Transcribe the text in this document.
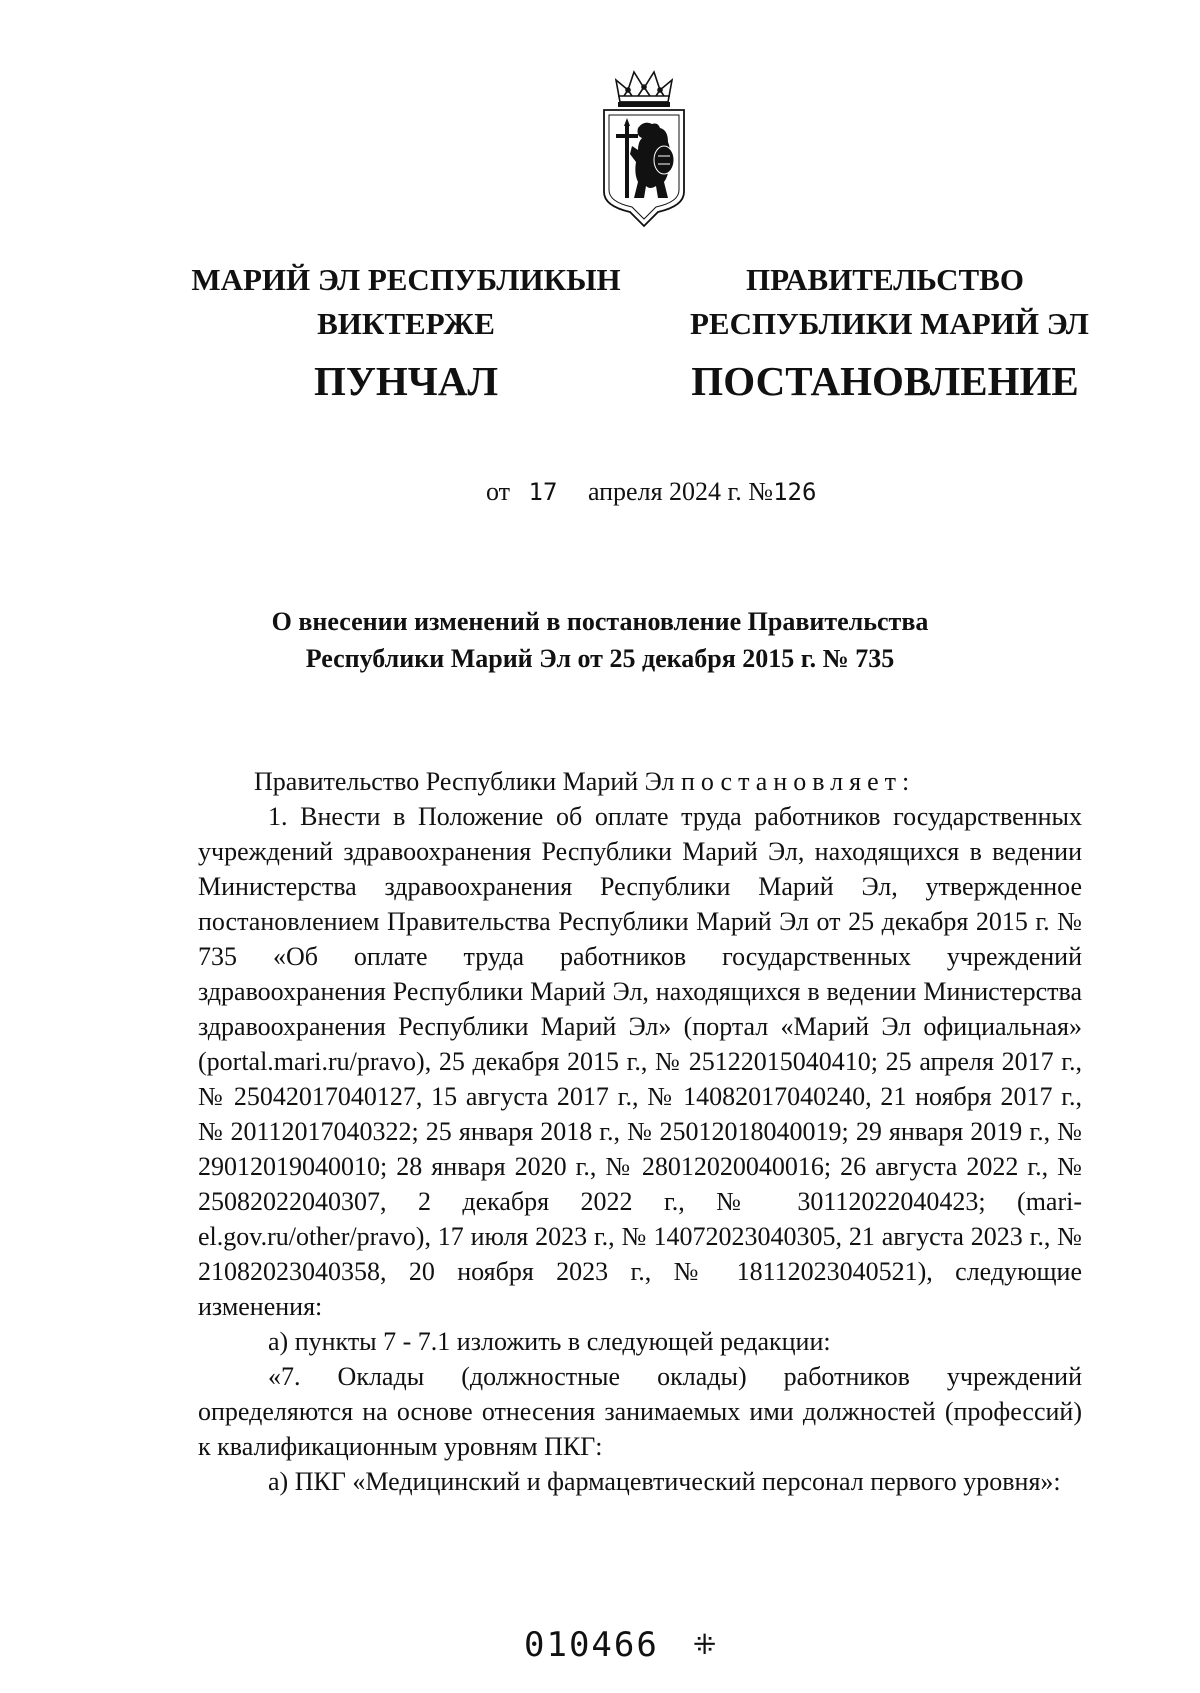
МАРИЙ ЭЛ РЕСПУБЛИКЫН
ВИКТЕРЖЕ
ПУНЧАЛ
ПРАВИТЕЛЬСТВО
РЕСПУБЛИКИ МАРИЙ ЭЛ
ПОСТАНОВЛЕНИЕ
от 17 апреля 2024 г. №126
О внесении изменений в постановление Правительства
Республики Марий Эл от 25 декабря 2015 г. № 735

Правительство Республики Марий Эл постановляет:

1. Внести в Положение об оплате труда работников государственных учреждений здравоохранения Республики Марий Эл, находящихся в ведении Министерства здравоохранения Республики Марий Эл, утвержденное постановлением Правительства Республики Марий Эл от 25 декабря 2015 г. № 735 «Об оплате труда работников государственных учреждений здравоохранения Республики Марий Эл, находящихся в ведении Министерства здравоохранения Республики Марий Эл» (портал «Марий Эл официальная» (portal.mari.ru/pravo), 25 декабря 2015 г., № 25122015040410; 25 апреля 2017 г., № 25042017040127, 15 августа 2017 г., № 14082017040240, 21 ноября 2017 г., № 20112017040322; 25 января 2018 г., № 25012018040019; 29 января 2019 г., № 29012019040010; 28 января 2020 г., № 28012020040016; 26 августа 2022 г., № 25082022040307, 2 декабря 2022 г., № 30112022040423; (mari-el.gov.ru/other/pravo), 17 июля 2023 г., № 14072023040305, 21 августа 2023 г., № 21082023040358, 20 ноября 2023 г., № 18112023040521), следующие изменения:

а) пункты 7 - 7.1 изложить в следующей редакции:

«7. Оклады (должностные оклады) работников учреждений определяются на основе отнесения занимаемых ими должностей (профессий) к квалификационным уровням ПКГ:

а) ПКГ «Медицинский и фармацевтический персонал первого уровня»:

010466 ⁜
